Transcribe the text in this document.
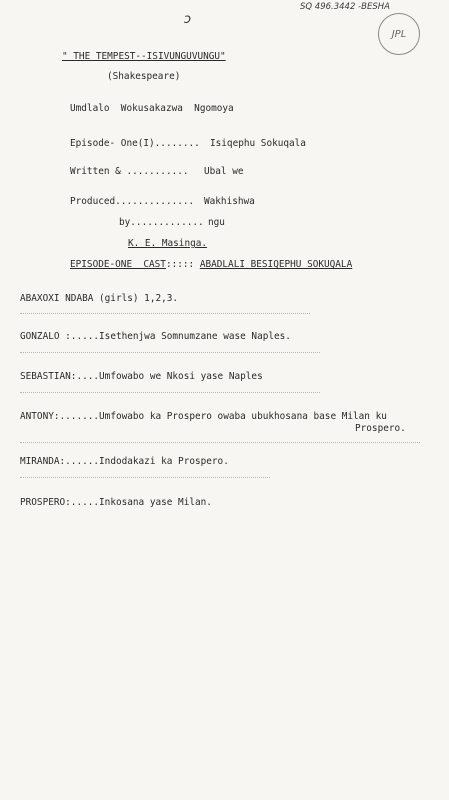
ɔ
SQ 496.3442 -BESHA
JPL
" THE TEMPEST--ISIVUNGUVUNGU"
(Shakespeare)
Umdlalo  Wokusakazwa  Ngomoya
Episode- One(I)........ Isiqephu Sokuqala
Written & ........... Ubal we
Produced.............. Wakhishwa
by............. ngu
K. E. Masinga.
EPISODE-ONE  CAST::::: ABADLALI BESIQEPHU SOKUQALA
ABAXOXI NDABA (girls) 1,2,3.
GONZALO :.....Isethenjwa Somnumzane wase Naples.
SEBASTIAN:....Umfowabo we Nkosi yase Naples
ANTONY:.......Umfowabo ka Prospero owaba ubukhosana base Milan ku
Prospero.
MIRANDA:......Indodakazi ka Prospero.
PROSPERO:.....Inkosana yase Milan.
